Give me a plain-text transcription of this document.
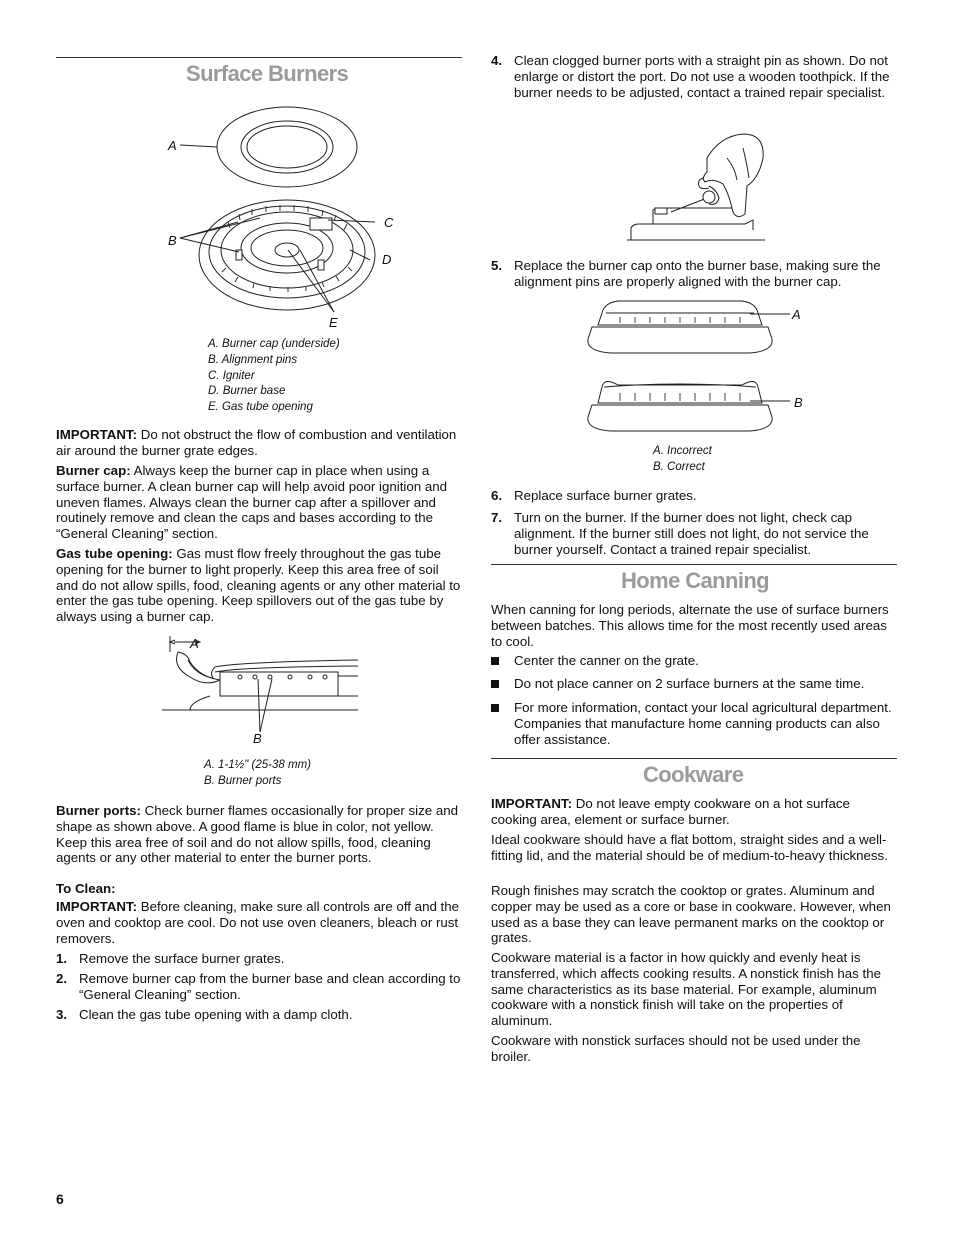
Surface Burners
A
B
C
D
E
A. Burner cap (underside)
B. Alignment pins
C. Igniter
D. Burner base
E. Gas tube opening

IMPORTANT: Do not obstruct the flow of combustion and ventilation air around the burner grate edges.

Burner cap: Always keep the burner cap in place when using a surface burner. A clean burner cap will help avoid poor ignition and uneven flames. Always clean the burner cap after a spillover and routinely remove and clean the caps and bases according to the “General Cleaning” section.

Gas tube opening: Gas must flow freely throughout the gas tube opening for the burner to light properly. Keep this area free of soil and do not allow spills, food, cleaning agents or any other material to enter the gas tube opening. Keep spillovers out of the gas tube by always using a burner cap.

A
B
A. 1-1½" (25-38 mm)
B. Burner ports

Burner ports: Check burner flames occasionally for proper size and shape as shown above. A good flame is blue in color, not yellow. Keep this area free of soil and do not allow spills, food, cleaning agents or any other material to enter the burner ports.

To Clean:

IMPORTANT: Before cleaning, make sure all controls are off and the oven and cooktop are cool. Do not use oven cleaners, bleach or rust removers.

1. Remove the surface burner grates.
2. Remove burner cap from the burner base and clean according to “General Cleaning” section.
3. Clean the gas tube opening with a damp cloth.
6
4. Clean clogged burner ports with a straight pin as shown. Do not enlarge or distort the port. Do not use a wooden toothpick. If the burner needs to be adjusted, contact a trained repair specialist.
5. Replace the burner cap onto the burner base, making sure the alignment pins are properly aligned with the burner cap.
A
B
A. Incorrect
B. Correct
6. Replace surface burner grates.
7. Turn on the burner. If the burner does not light, check cap alignment. If the burner still does not light, do not service the burner yourself. Contact a trained repair specialist.
Home Canning

When canning for long periods, alternate the use of surface burners between batches. This allows time for the most recently used areas to cool.

Center the canner on the grate.
Do not place canner on 2 surface burners at the same time.
For more information, contact your local agricultural department. Companies that manufacture home canning products can also offer assistance.
Cookware

IMPORTANT: Do not leave empty cookware on a hot surface cooking area, element or surface burner.

Ideal cookware should have a flat bottom, straight sides and a well-fitting lid, and the material should be of medium-to-heavy thickness.

Rough finishes may scratch the cooktop or grates. Aluminum and copper may be used as a core or base in cookware. However, when used as a base they can leave permanent marks on the cooktop or grates.

Cookware material is a factor in how quickly and evenly heat is transferred, which affects cooking results. A nonstick finish has the same characteristics as its base material. For example, aluminum cookware with a nonstick finish will take on the properties of aluminum.

Cookware with nonstick surfaces should not be used under the broiler.
